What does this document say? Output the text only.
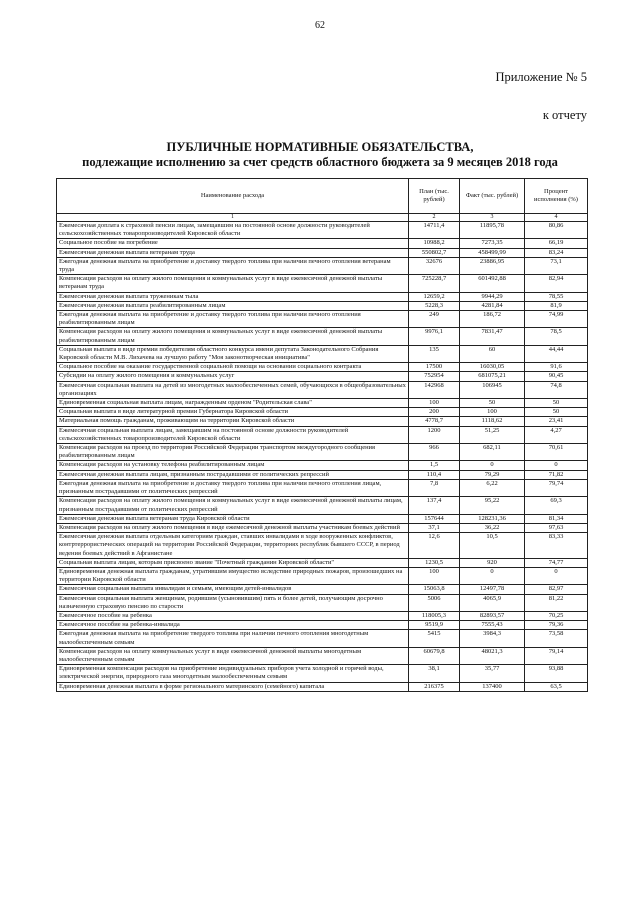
62
Приложение № 5
к отчету
ПУБЛИЧНЫЕ НОРМАТИВНЫЕ ОБЯЗАТЕЛЬСТВА,
подлежащие исполнению за счет средств областного бюджета за 9 месяцев 2018 года
Наименование расхода	План (тыс. рублей)	Факт (тыс. рублей)	Процент исполнения (%)
1	2	3	4
Ежемесячная доплата к страховой пенсии лицам, замещавшим на постоянной основе должности руководителей сельскохозяйственных товаропроизводителей Кировской области	14711,4	11895,78	80,86
Социальное пособие на погребение	10988,2	7273,35	66,19
Ежемесячная денежная выплата ветеранам труда	550802,7	458499,99	83,24
Ежегодная денежная выплата на приобретение и доставку твердого топлива при наличии печного отопления ветеранам труда	32676	23886,95	73,1
Компенсация расходов на оплату жилого помещения и коммунальных услуг в виде ежемесячной денежной выплаты ветеранам труда	725228,7	601492,88	82,94
Ежемесячная денежная выплата труженикам тыла	12659,2	9944,29	78,55
Ежемесячная денежная выплата реабилитированным лицам	5228,3	4281,84	81,9
Ежегодная денежная выплата на приобретение и доставку твердого топлива при наличии печного отопления реабилитированным лицам	249	186,72	74,99
Компенсация расходов на оплату жилого помещения и коммунальных услуг в виде ежемесячной денежной выплаты реабилитированным лицам	9976,1	7831,47	78,5
Социальная выплата в виде премии победителям областного конкурса имени депутата Законодательного Собрания Кировской области М.В. Лихачева на лучшую работу "Моя законотворческая инициатива"	135	60	44,44
Социальное пособие на оказание государственной социальной помощи на основании социального контракта	17500	16030,05	91,6
Субсидии на оплату жилого помещения и коммунальных услуг	752954	681075,21	90,45
Ежемесячная социальная выплата на детей из многодетных малообеспеченных семей, обучающихся в общеобразовательных организациях	142968	106945	74,8
Единовременная социальная выплата лицам, награжденным орденом "Родительская слава"	100	50	50
Социальная выплата в виде литературной премии Губернатора Кировской области	200	100	50
Материальная помощь гражданам, проживающим на территории Кировской области	4778,7	1118,62	23,41
Ежемесячная социальная выплата лицам, замещавшим на постоянной основе должности руководителей сельскохозяйственных товаропроизводителей Кировской области	1200	51,25	4,27
Компенсация расходов на проезд по территории Российской Федерации транспортом междугородного сообщения реабилитированным лицам	966	682,11	70,61
Компенсация расходов на установку телефона реабилитированным лицам	1,5	0	0
Ежемесячная денежная выплата лицам, признанным пострадавшими от политических репрессий	110,4	79,29	71,82
Ежегодная денежная выплата на приобретение и доставку твердого топлива при наличии печного отопления лицам, признанным пострадавшими от политических репрессий	7,8	6,22	79,74
Компенсация расходов на оплату жилого помещения и коммунальных услуг в виде ежемесячной денежной выплаты лицам, признанным пострадавшими от политических репрессий	137,4	95,22	69,3
Ежемесячная денежная выплата ветеранам труда Кировской области	157644	128231,36	81,34
Компенсация расходов на оплату жилого помещения в виде ежемесячной денежной выплаты участникам боевых действий	37,1	36,22	97,63
Ежемесячная денежная выплата отдельным категориям граждан, ставших инвалидами в ходе вооруженных конфликтов, контртеррористических операций на территории Российской Федерации, территориях республик бывшего СССР, в период ведения боевых действий в Афганистане	12,6	10,5	83,33
Социальная выплата лицам, которым присвоено звание "Почетный гражданин Кировской области"	1230,5	920	74,77
Единовременная денежная выплата гражданам, утратившим имущество вследствие природных пожаров, произошедших на территории Кировской области	100	0	0
Ежемесячная социальная выплата инвалидам и семьям, имеющим детей-инвалидов	15063,8	12497,78	82,97
Ежемесячная социальная выплата женщинам, родившим (усыновившим) пять и более детей, получающим досрочно назначенную страховую пенсию по старости	5006	4065,9	81,22
Ежемесячное пособие на ребенка	118005,3	82893,57	70,25
Ежемесячное пособие на ребенка-инвалида	9519,9	7555,43	79,36
Ежегодная денежная выплата на приобретение твердого топлива при наличии печного отопления многодетным малообеспеченным семьям	5415	3984,3	73,58
Компенсация расходов на оплату коммунальных услуг в виде ежемесячной денежной выплаты многодетным малообеспеченным семьям	60679,8	48021,3	79,14
Единовременная компенсация расходов на приобретение индивидуальных приборов учета холодной и горячей воды, электрической энергии, природного газа многодетным малообеспеченным семьям	38,1	35,77	93,88
Единовременная денежная выплата в форме регионального материнского (семейного) капитала	216375	137400	63,5
